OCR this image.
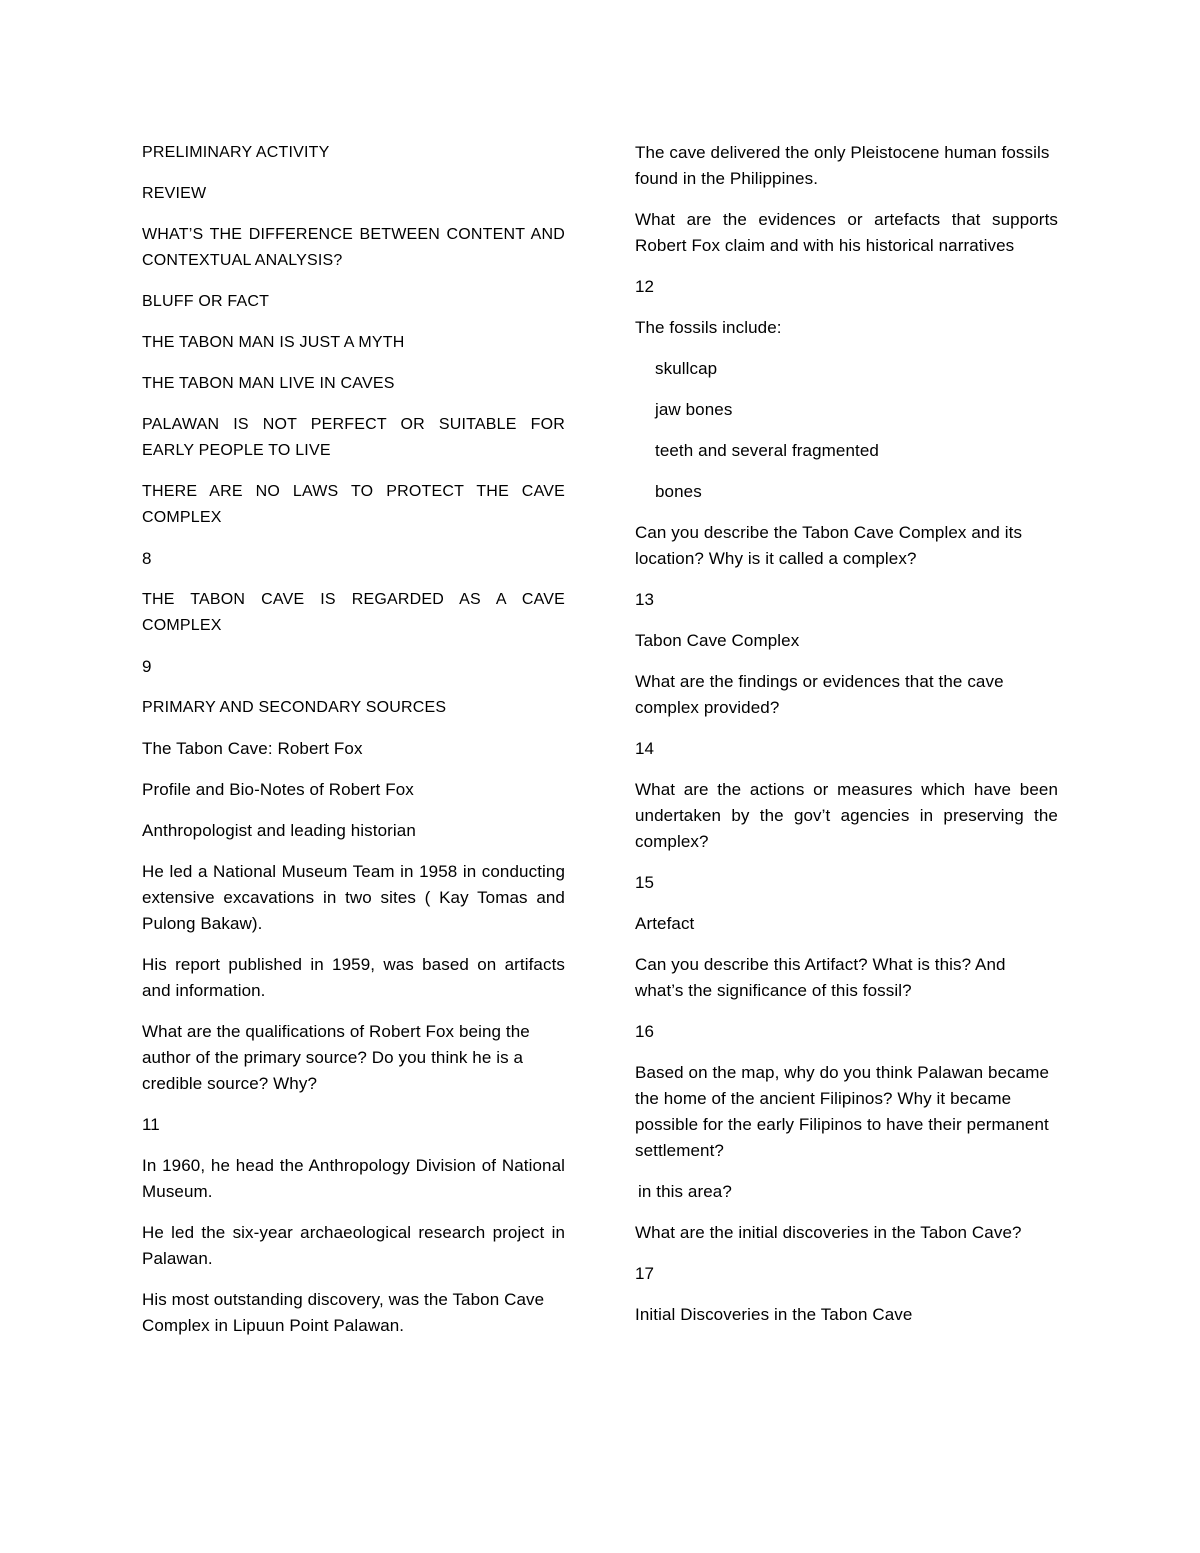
PRELIMINARY ACTIVITY

REVIEW

WHAT’S THE DIFFERENCE BETWEEN CONTENT AND CONTEXTUAL ANALYSIS?

BLUFF OR FACT

THE TABON MAN IS JUST A MYTH

THE TABON MAN LIVE IN CAVES

PALAWAN IS NOT PERFECT OR SUITABLE FOR EARLY PEOPLE TO LIVE

THERE ARE NO LAWS TO PROTECT THE CAVE COMPLEX

8

THE TABON CAVE IS REGARDED AS A CAVE COMPLEX

9

PRIMARY AND SECONDARY SOURCES

The Tabon Cave: Robert Fox

Profile and Bio-Notes of Robert Fox

Anthropologist and leading historian

He led a National Museum Team in 1958 in conducting extensive excavations in two sites ( Kay Tomas and Pulong Bakaw).

His report published in 1959, was based on artifacts and information.

What are the qualifications of Robert Fox being the author of the primary source? Do you think he is a credible source? Why?

11

In 1960, he head the Anthropology Division of National Museum.

He led the six-year archaeological research project in Palawan.

His most outstanding discovery, was the Tabon Cave Complex in Lipuun Point Palawan.

The cave delivered the only Pleistocene human fossils found in the Philippines.

What are the evidences or artefacts that supports Robert Fox claim and with his historical narratives

12

The fossils include:

skullcap

jaw bones

teeth and several fragmented

bones

Can you describe the Tabon Cave Complex and its location? Why is it called a complex?

13

Tabon Cave Complex

What are the findings or evidences that the cave complex provided?

14

What are the actions or measures which have been undertaken by the gov’t agencies in preserving the complex?

15

Artefact

Can you describe this Artifact? What is this? And what’s the significance of this fossil?

16

Based on the map, why do you think Palawan became the home of the ancient Filipinos? Why it became possible for the early Filipinos to have their permanent settlement?

in this area?

What are the initial discoveries in the Tabon Cave?

17

Initial Discoveries in the Tabon Cave
